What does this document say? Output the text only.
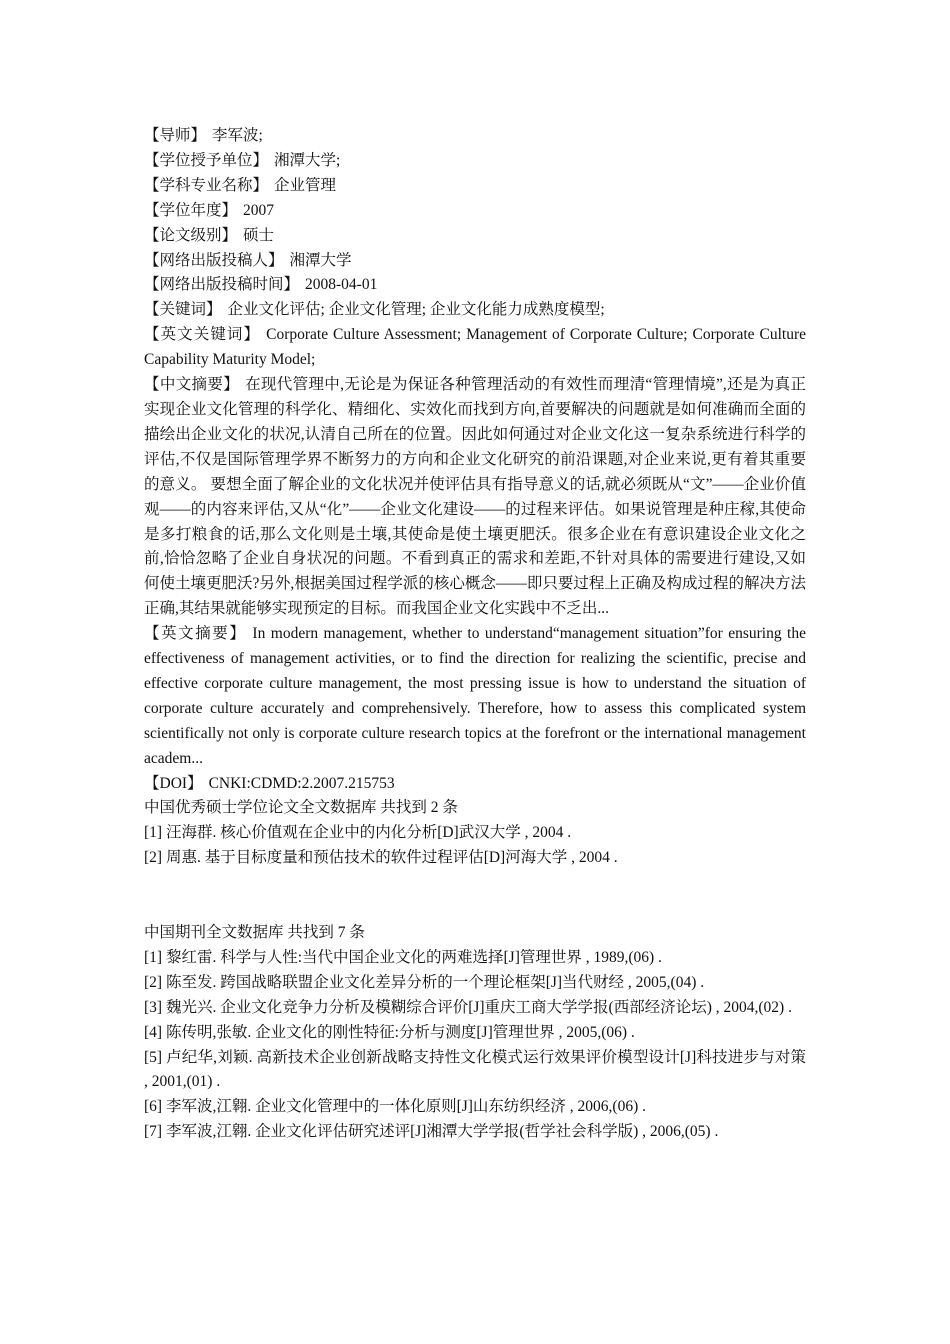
【导师】 李军波;
【学位授予单位】 湘潭大学;
【学科专业名称】 企业管理
【学位年度】 2007
【论文级别】 硕士
【网络出版投稿人】 湘潭大学
【网络出版投稿时间】 2008-04-01
【关键词】 企业文化评估; 企业文化管理; 企业文化能力成熟度模型;
【英文关键词】 Corporate Culture Assessment; Management of Corporate Culture; Corporate Culture Capability Maturity Model;
【中文摘要】 在现代管理中,无论是为保证各种管理活动的有效性而理清“管理情境”,还是为真正实现企业文化管理的科学化、精细化、实效化而找到方向,首要解决的问题就是如何准确而全面的描绘出企业文化的状况,认清自己所在的位置。因此如何通过对企业文化这一复杂系统进行科学的评估,不仅是国际管理学界不断努力的方向和企业文化研究的前沿课题,对企业来说,更有着其重要的意义。 要想全面了解企业的文化状况并使评估具有指导意义的话,就必须既从“文”——企业价值观——的内容来评估,又从“化”——企业文化建设——的过程来评估。如果说管理是种庄稼,其使命是多打粮食的话,那么文化则是土壤,其使命是使土壤更肥沃。很多企业在有意识建设企业文化之前,恰恰忽略了企业自身状况的问题。不看到真正的需求和差距,不针对具体的需要进行建设,又如何使土壤更肥沃?另外,根据美国过程学派的核心概念——即只要过程上正确及构成过程的解决方法正确,其结果就能够实现预定的目标。而我国企业文化实践中不乏出...
【英文摘要】 In modern management, whether to understand“management situation”for ensuring the effectiveness of management activities, or to find the direction for realizing the scientific, precise and effective corporate culture management, the most pressing issue is how to understand the situation of corporate culture accurately and comprehensively. Therefore, how to assess this complicated system scientifically not only is corporate culture research topics at the forefront or the international management academ...
【DOI】 CNKI:CDMD:2.2007.215753
中国优秀硕士学位论文全文数据库 共找到 2 条
[1] 汪海群. 核心价值观在企业中的内化分析[D]武汉大学 , 2004 .
[2] 周惠. 基于目标度量和预估技术的软件过程评估[D]河海大学 , 2004 .
中国期刊全文数据库 共找到 7 条
[1] 黎红雷. 科学与人性:当代中国企业文化的两难选择[J]管理世界 , 1989,(06) .
[2] 陈至发. 跨国战略联盟企业文化差异分析的一个理论框架[J]当代财经 , 2005,(04) .
[3] 魏光兴. 企业文化竞争力分析及模糊综合评价[J]重庆工商大学学报(西部经济论坛) , 2004,(02) .
[4] 陈传明,张敏. 企业文化的刚性特征:分析与测度[J]管理世界 , 2005,(06) .
[5] 卢纪华,刘颖. 高新技术企业创新战略支持性文化模式运行效果评价模型设计[J]科技进步与对策 , 2001,(01) .
[6] 李军波,江翱. 企业文化管理中的一体化原则[J]山东纺织经济 , 2006,(06) .
[7] 李军波,江翱. 企业文化评估研究述评[J]湘潭大学学报(哲学社会科学版) , 2006,(05) .
